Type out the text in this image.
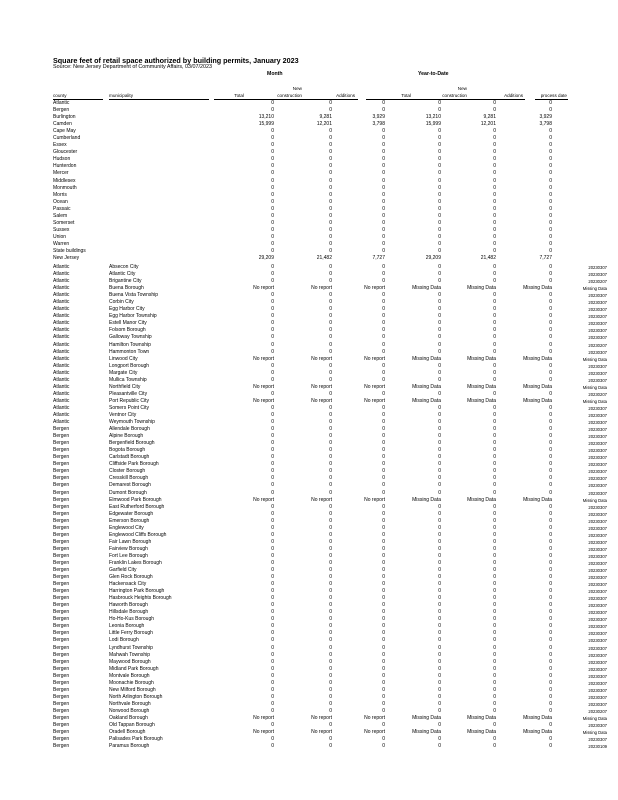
Square feet of retail space authorized by building permits, January 2023
Source: New Jersey Department of Community Affairs, 03/07/2023
Month	Year-to-Date
county	municipality	Total
New
construction	Additions	Total
New
construction	Additions	process date
Atlantic	0	0	0	0	0	0
Bergen	0	0	0	0	0	0
Burlington	13,210	9,281	3,929	13,210	9,281	3,929
Camden	15,999	12,201	3,798	15,999	12,201	3,798
Cape May	0	0	0	0	0	0
Cumberland	0	0	0	0	0	0
Essex	0	0	0	0	0	0
Gloucester	0	0	0	0	0	0
Hudson	0	0	0	0	0	0
Hunterdon	0	0	0	0	0	0
Mercer	0	0	0	0	0	0
Middlesex	0	0	0	0	0	0
Monmouth	0	0	0	0	0	0
Morris	0	0	0	0	0	0
Ocean	0	0	0	0	0	0
Passaic	0	0	0	0	0	0
Salem	0	0	0	0	0	0
Somerset	0	0	0	0	0	0
Sussex	0	0	0	0	0	0
Union	0	0	0	0	0	0
Warren	0	0	0	0	0	0
State buildings	0	0	0	0	0	0
New Jersey	29,209	21,482	7,727	29,209	21,482	7,727
Atlantic	Absecon City	0	0	0	0	0	0	20230307
Atlantic	Atlantic City	0	0	0	0	0	0	20230307
Atlantic	Brigantine City	0	0	0	0	0	0	20230207
Atlantic	Buena Borough	No report	No report	No report	Missing Data	Missing Data	Missing Data	Missing Data
Atlantic	Buena Vista Township	0	0	0	0	0	0	20230307
Atlantic	Corbin City	0	0	0	0	0	0	20230307
Atlantic	Egg Harbor City	0	0	0	0	0	0	20230307
Atlantic	Egg Harbor Township	0	0	0	0	0	0	20230207
Atlantic	Estell Manor City	0	0	0	0	0	0	20230307
Atlantic	Folsom Borough	0	0	0	0	0	0	20230307
Atlantic	Galloway Township	0	0	0	0	0	0	20230307
Atlantic	Hamilton Township	0	0	0	0	0	0	20230207
Atlantic	Hammonton Town	0	0	0	0	0	0	20230307
Atlantic	Linwood City	No report	No report	No report	Missing Data	Missing Data	Missing Data	Missing Data
Atlantic	Longport Borough	0	0	0	0	0	0	20230307
Atlantic	Margate City	0	0	0	0	0	0	20230307
Atlantic	Mullica Township	0	0	0	0	0	0	20230307
Atlantic	Northfield City	No report	No report	No report	Missing Data	Missing Data	Missing Data	Missing Data
Atlantic	Pleasantville City	0	0	0	0	0	0	20230207
Atlantic	Port Republic City	No report	No report	No report	Missing Data	Missing Data	Missing Data	Missing Data
Atlantic	Somers Point City	0	0	0	0	0	0	20230307
Atlantic	Ventnor City	0	0	0	0	0	0	20230307
Atlantic	Weymouth Township	0	0	0	0	0	0	20230307
Bergen	Allendale Borough	0	0	0	0	0	0	20230307
Bergen	Alpine Borough	0	0	0	0	0	0	20230307
Bergen	Bergenfield Borough	0	0	0	0	0	0	20230307
Bergen	Bogota Borough	0	0	0	0	0	0	20230307
Bergen	Carlstadt Borough	0	0	0	0	0	0	20230307
Bergen	Cliffside Park Borough	0	0	0	0	0	0	20230307
Bergen	Closter Borough	0	0	0	0	0	0	20230307
Bergen	Cresskill Borough	0	0	0	0	0	0	20230307
Bergen	Demarest Borough	0	0	0	0	0	0	20230307
Bergen	Dumont Borough	0	0	0	0	0	0	20230307
Bergen	Elmwood Park Borough	No report	No report	No report	Missing Data	Missing Data	Missing Data	Missing Data
Bergen	East Rutherford Borough	0	0	0	0	0	0	20230307
Bergen	Edgewater Borough	0	0	0	0	0	0	20230307
Bergen	Emerson Borough	0	0	0	0	0	0	20230307
Bergen	Englewood City	0	0	0	0	0	0	20230307
Bergen	Englewood Cliffs Borough	0	0	0	0	0	0	20230307
Bergen	Fair Lawn Borough	0	0	0	0	0	0	20230307
Bergen	Fairview Borough	0	0	0	0	0	0	20230307
Bergen	Fort Lee Borough	0	0	0	0	0	0	20230307
Bergen	Franklin Lakes Borough	0	0	0	0	0	0	20230307
Bergen	Garfield City	0	0	0	0	0	0	20230307
Bergen	Glen Rock Borough	0	0	0	0	0	0	20230307
Bergen	Hackensack City	0	0	0	0	0	0	20230307
Bergen	Harrington Park Borough	0	0	0	0	0	0	20230307
Bergen	Hasbrouck Heights Borough	0	0	0	0	0	0	20230307
Bergen	Haworth Borough	0	0	0	0	0	0	20230307
Bergen	Hillsdale Borough	0	0	0	0	0	0	20230307
Bergen	Ho-Ho-Kus Borough	0	0	0	0	0	0	20230307
Bergen	Leonia Borough	0	0	0	0	0	0	20230307
Bergen	Little Ferry Borough	0	0	0	0	0	0	20230307
Bergen	Lodi Borough	0	0	0	0	0	0	20230307
Bergen	Lyndhurst Township	0	0	0	0	0	0	20230307
Bergen	Mahwah Township	0	0	0	0	0	0	20230307
Bergen	Maywood Borough	0	0	0	0	0	0	20230307
Bergen	Midland Park Borough	0	0	0	0	0	0	20230307
Bergen	Montvale Borough	0	0	0	0	0	0	20230307
Bergen	Moonachie Borough	0	0	0	0	0	0	20230307
Bergen	New Milford Borough	0	0	0	0	0	0	20230307
Bergen	North Arlington Borough	0	0	0	0	0	0	20230307
Bergen	Northvale Borough	0	0	0	0	0	0	20230307
Bergen	Norwood Borough	0	0	0	0	0	0	20230207
Bergen	Oakland Borough	No report	No report	No report	Missing Data	Missing Data	Missing Data	Missing Data
Bergen	Old Tappan Borough	0	0	0	0	0	0	20230307
Bergen	Oradell Borough	No report	No report	No report	Missing Data	Missing Data	Missing Data	Missing Data
Bergen	Palisades Park Borough	0	0	0	0	0	0	20230307
Bergen	Paramus Borough	0	0	0	0	0	0	20230109
